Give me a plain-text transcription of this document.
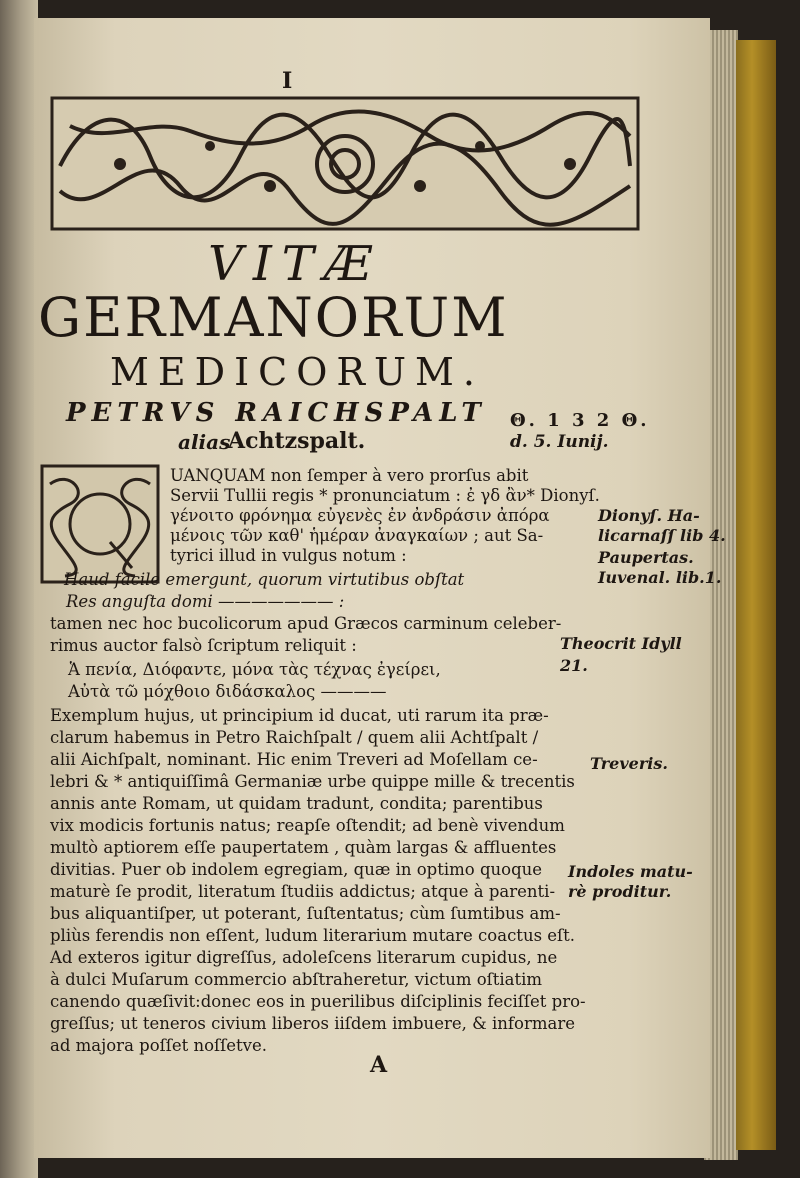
I
VITÆ
GERMANORUM
MEDICORUM.
PETRVS RAICHSPALT
alias
Achtzspalt.
Θ. 1 3 2 Θ.
d. 5. Iunij.
UANQUAM non ſemper à vero prorſus abit
Servii Tullii regis * pronunciatum : ἐ γδ ἂν* Dionyſ.
γένοιτο φρόνημα εὐγενὲς ἐν ἀνδράσιν ἀπόρα
μένοις τῶν καθ' ἡμέραν ἀναγκαίων ; aut Sa-
tyrici illud in vulgus notum :
Haud facile emergunt, quorum virtutibus obſtat
Res anguſta domi ——————— :
tamen nec hoc bucolicorum apud Græcos carminum celeber-
rimus auctor falsò ſcriptum reliquit :
Ἁ πενία, Διόφαντε, μόνα τὰς τέχνας ἐγείρει,
Αὐτὰ τῶ μόχθοιο διδάσκαλος ————
Exemplum hujus, ut principium id ducat, uti rarum ita præ-
clarum habemus in Petro Raichſpalt / quem alii Achtſpalt /
alii Aichſpalt, nominant. Hic enim Treveri ad Moſellam ce-
lebri & * antiquiſſimâ Germaniæ urbe quippe mille & trecentis
annis ante Romam, ut quidam tradunt, condita; parentibus
vix modicis fortunis natus; reapſe oſtendit; ad benè vivendum
multò aptiorem eſſe paupertatem , quàm largas & affluentes
divitias. Puer ob indolem egregiam, quæ in optimo quoque
maturè ſe prodit, literatum ſtudiis addictus; atque à parenti-
bus aliquantiſper, ut poterant, ſuſtentatus; cùm ſumtibus am-
pliùs ferendis non eſſent, ludum literarium mutare coactus eſt.
Ad exteros igitur digreſſus, adoleſcens literarum cupidus, ne
à dulci Muſarum commercio abſtraheretur, victum oſtiatim
canendo quæſivit:donec eos in puerilibus diſciplinis feciſſet pro-
greſſus; ut teneros civium liberos iiſdem imbuere, & informare
ad majora poſſet noſſetve.
Dionyſ. Ha-
licarnaſſ lib 4.
Paupertas.
Iuvenal. lib.1.
Theocrit Idyll
21.
Treveris.
Indoles matu-
rè proditur.
A
